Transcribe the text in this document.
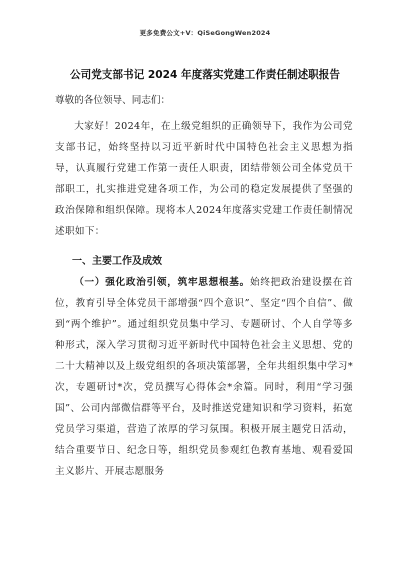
更多免费公文+V：QiSeGongWen2024
公司党支部书记 2024 年度落实党建工作责任制述职报告
尊敬的各位领导、同志们：

大家好！2024年，在上级党组织的正确领导下，我作为公司党支部书记，始终坚持以习近平新时代中国特色社会主义思想为指导，认真履行党建工作第一责任人职责，团结带领公司全体党员干部职工，扎实推进党建各项工作，为公司的稳定发展提供了坚强的政治保障和组织保障。现将本人2024年度落实党建工作责任制情况述职如下：

一、主要工作及成效

（一）强化政治引领，筑牢思想根基。始终把政治建设摆在首位，教育引导全体党员干部增强“四个意识”、坚定“四个自信”、做到“两个维护”。通过组织党员集中学习、专题研讨、个人自学等多种形式，深入学习贯彻习近平新时代中国特色社会主义思想、党的二十大精神以及上级党组织的各项决策部署，全年共组织集中学习*次，专题研讨*次，党员撰写心得体会*余篇。同时，利用“学习强国”、公司内部微信群等平台，及时推送党建知识和学习资料，拓宽党员学习渠道，营造了浓厚的学习氛围。积极开展主题党日活动，结合重要节日、纪念日等，组织党员参观红色教育基地、观看爱国主义影片、开展志愿服务
